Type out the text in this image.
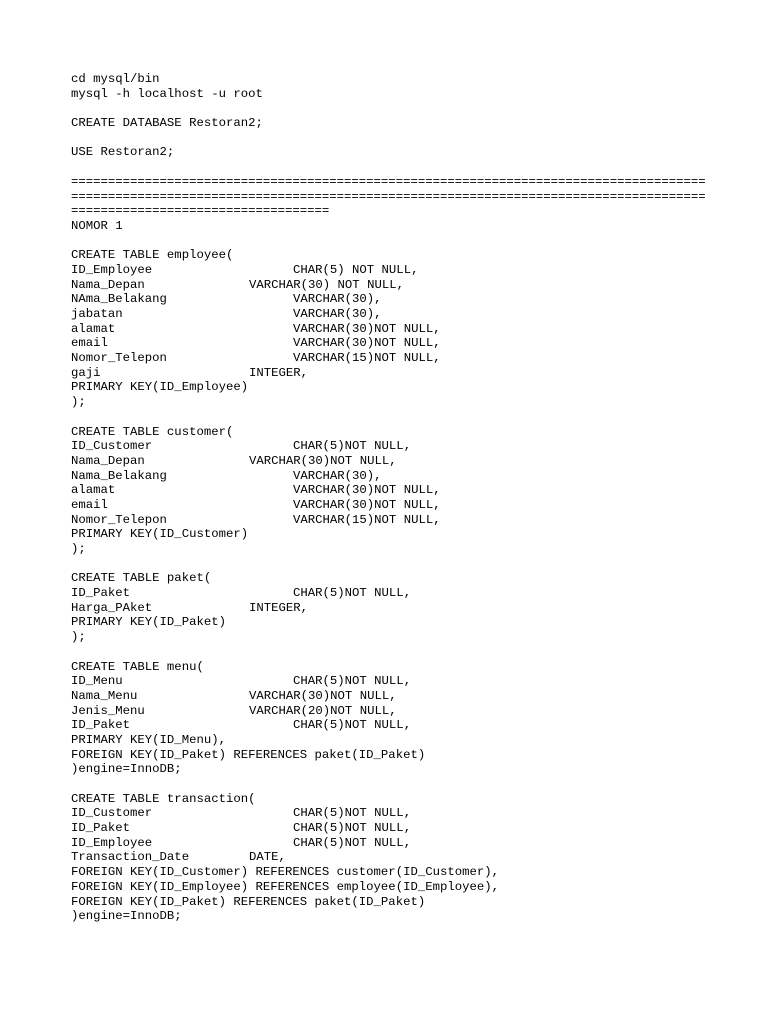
cd mysql/bin
mysql -h localhost -u root
CREATE DATABASE Restoran2;
USE Restoran2;
======================================================================================
======================================================================================
===================================
NOMOR 1
CREATE TABLE employee(
ID_Employee	CHAR(5) NOT NULL,
Nama_Depan	VARCHAR(30) NOT NULL,
NAma_Belakang	VARCHAR(30),
jabatan	VARCHAR(30),
alamat	VARCHAR(30)NOT NULL,
email	VARCHAR(30)NOT NULL,
Nomor_Telepon	VARCHAR(15)NOT NULL,
gaji	INTEGER,
PRIMARY KEY(ID_Employee)
);
CREATE TABLE customer(
ID_Customer	CHAR(5)NOT NULL,
Nama_Depan	VARCHAR(30)NOT NULL,
Nama_Belakang	VARCHAR(30),
alamat	VARCHAR(30)NOT NULL,
email	VARCHAR(30)NOT NULL,
Nomor_Telepon	VARCHAR(15)NOT NULL,
PRIMARY KEY(ID_Customer)
);
CREATE TABLE paket(
ID_Paket	CHAR(5)NOT NULL,
Harga_PAket	INTEGER,
PRIMARY KEY(ID_Paket)
);
CREATE TABLE menu(
ID_Menu	CHAR(5)NOT NULL,
Nama_Menu	VARCHAR(30)NOT NULL,
Jenis_Menu	VARCHAR(20)NOT NULL,
ID_Paket	CHAR(5)NOT NULL,
PRIMARY KEY(ID_Menu),
FOREIGN KEY(ID_Paket) REFERENCES paket(ID_Paket)
)engine=InnoDB;
CREATE TABLE transaction(
ID_Customer	CHAR(5)NOT NULL,
ID_Paket	CHAR(5)NOT NULL,
ID_Employee	CHAR(5)NOT NULL,
Transaction_Date	DATE,
FOREIGN KEY(ID_Customer) REFERENCES customer(ID_Customer),
FOREIGN KEY(ID_Employee) REFERENCES employee(ID_Employee),
FOREIGN KEY(ID_Paket) REFERENCES paket(ID_Paket)
)engine=InnoDB;
